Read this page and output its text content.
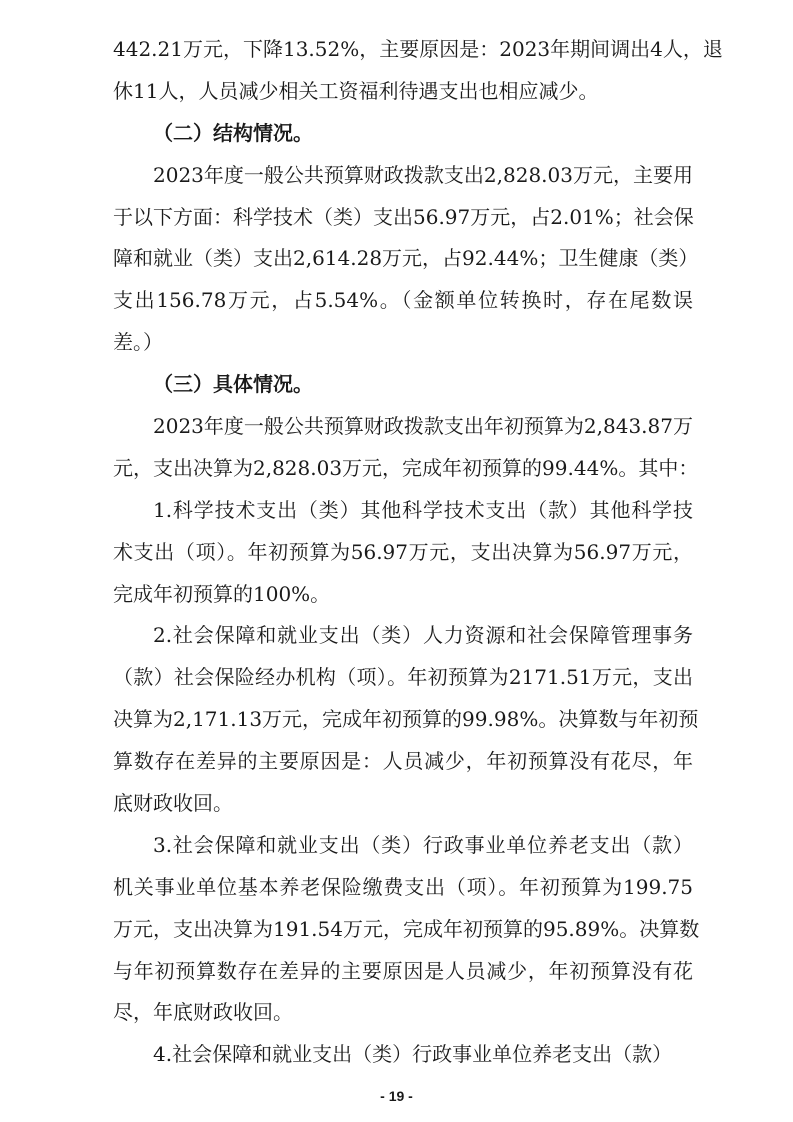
442.21万元，下降13.52%，主要原因是：2023年期间调出4人，退
休11人，人员减少相关工资福利待遇支出也相应减少。
（二）结构情况。
2023年度一般公共预算财政拨款支出2,828.03万元，主要用
于以下方面：科学技术（类）支出56.97万元，占2.01%；社会保
障和就业（类）支出2,614.28万元，占92.44%；卫生健康（类）
支出156.78万元，占5.54%。（金额单位转换时，存在尾数误
差。）
（三）具体情况。
2023年度一般公共预算财政拨款支出年初预算为2,843.87万
元，支出决算为2,828.03万元，完成年初预算的99.44%。其中：
1.科学技术支出（类）其他科学技术支出（款）其他科学技
术支出（项）。年初预算为56.97万元，支出决算为56.97万元，
完成年初预算的100%。
2.社会保障和就业支出（类）人力资源和社会保障管理事务
（款）社会保险经办机构（项）。年初预算为2171.51万元，支出
决算为2,171.13万元，完成年初预算的99.98%。决算数与年初预
算数存在差异的主要原因是：人员减少，年初预算没有花尽，年
底财政收回。
3.社会保障和就业支出（类）行政事业单位养老支出（款）
机关事业单位基本养老保险缴费支出（项）。年初预算为199.75
万元，支出决算为191.54万元，完成年初预算的95.89%。决算数
与年初预算数存在差异的主要原因是人员减少，年初预算没有花
尽，年底财政收回。
4.社会保障和就业支出（类）行政事业单位养老支出（款）
- 19 -
